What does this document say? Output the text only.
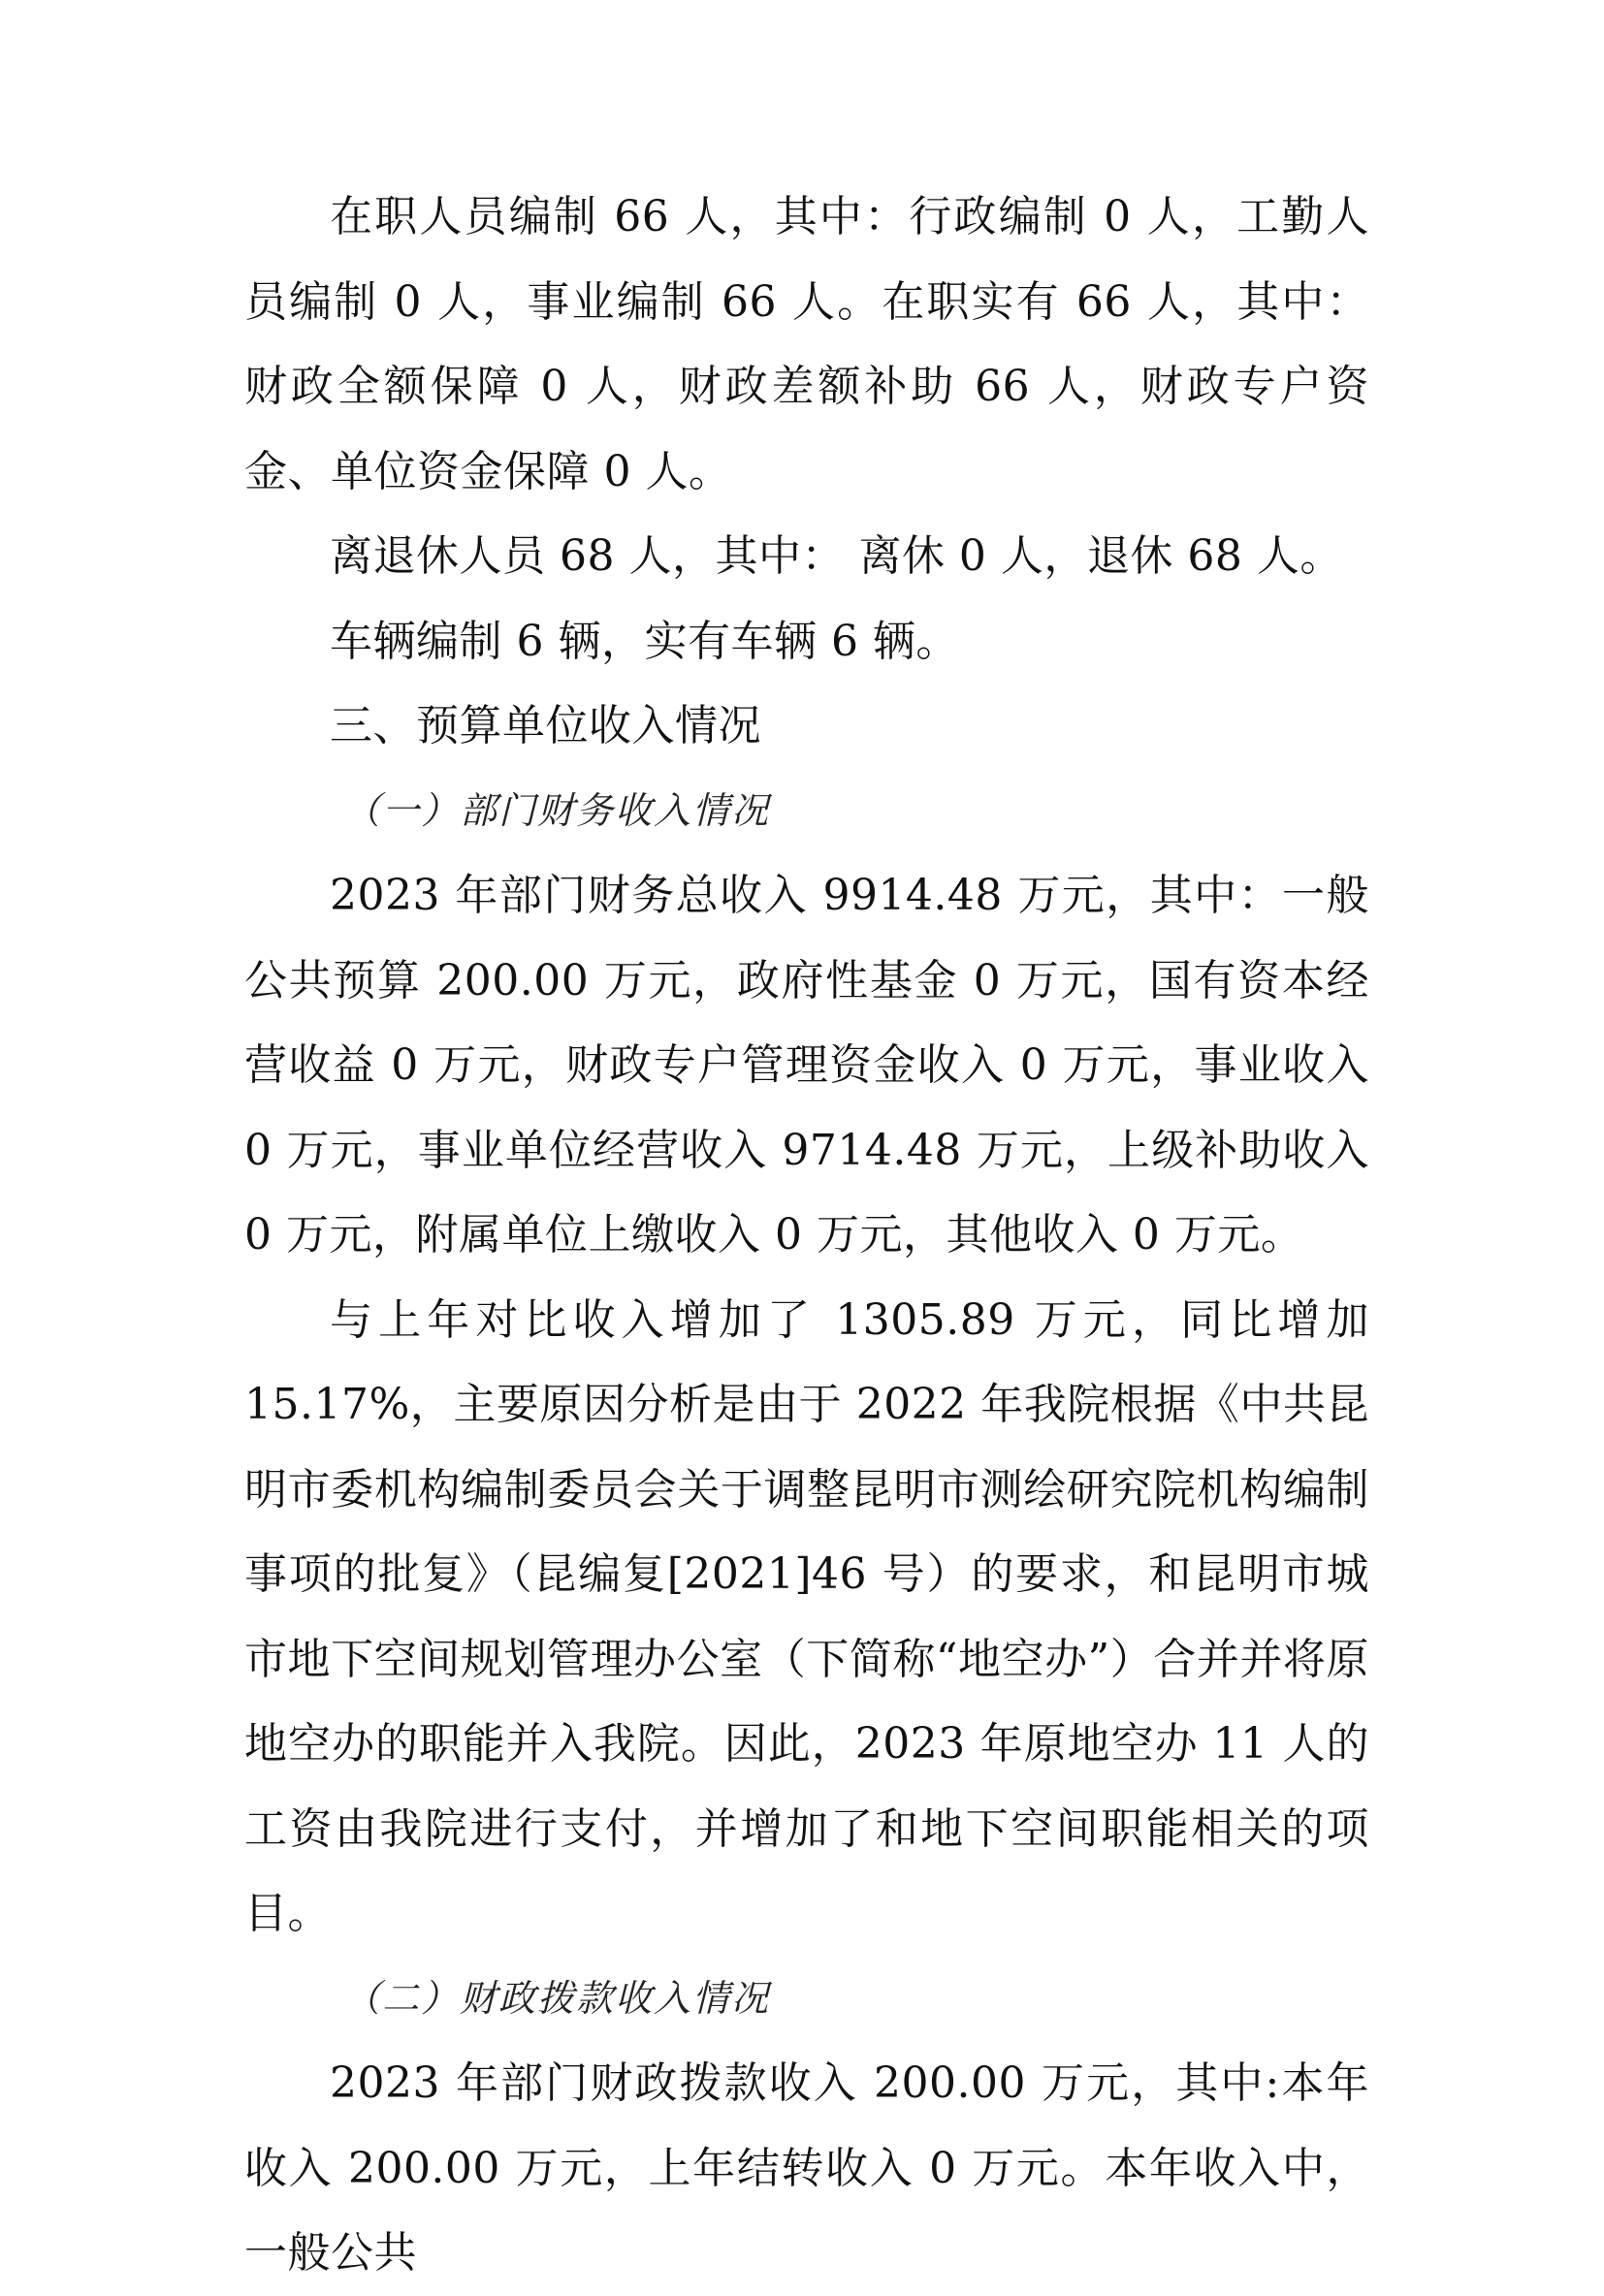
在职人员编制 66 人，其中：行政编制 0 人，工勤人员编制 0 人，事业编制 66 人。在职实有 66 人，其中： 财政全额保障 0 人，财政差额补助 66 人，财政专户资金、单位资金保障 0 人。

离退休人员 68 人，其中： 离休 0 人，退休 68 人。

车辆编制 6 辆，实有车辆 6 辆。

三、预算单位收入情况

（一）部门财务收入情况

2023 年部门财务总收入 9914.48 万元，其中：一般公共预算 200.00 万元，政府性基金 0 万元，国有资本经营收益 0 万元，财政专户管理资金收入 0 万元，事业收入 0 万元，事业单位经营收入 9714.48 万元，上级补助收入 0 万元，附属单位上缴收入 0 万元，其他收入 0 万元。

与上年对比收入增加了 1305.89 万元，同比增加 15.17%，主要原因分析是由于 2022 年我院根据《中共昆明市委机构编制委员会关于调整昆明市测绘研究院机构编制事项的批复》（昆编复[2021]46 号）的要求，和昆明市城市地下空间规划管理办公室（下简称“地空办”）合并并将原地空办的职能并入我院。因此，2023 年原地空办 11 人的工资由我院进行支付，并增加了和地下空间职能相关的项目。

（二）财政拨款收入情况

2023 年部门财政拨款收入 200.00 万元，其中:本年收入 200.00 万元，上年结转收入 0 万元。本年收入中，一般公共
